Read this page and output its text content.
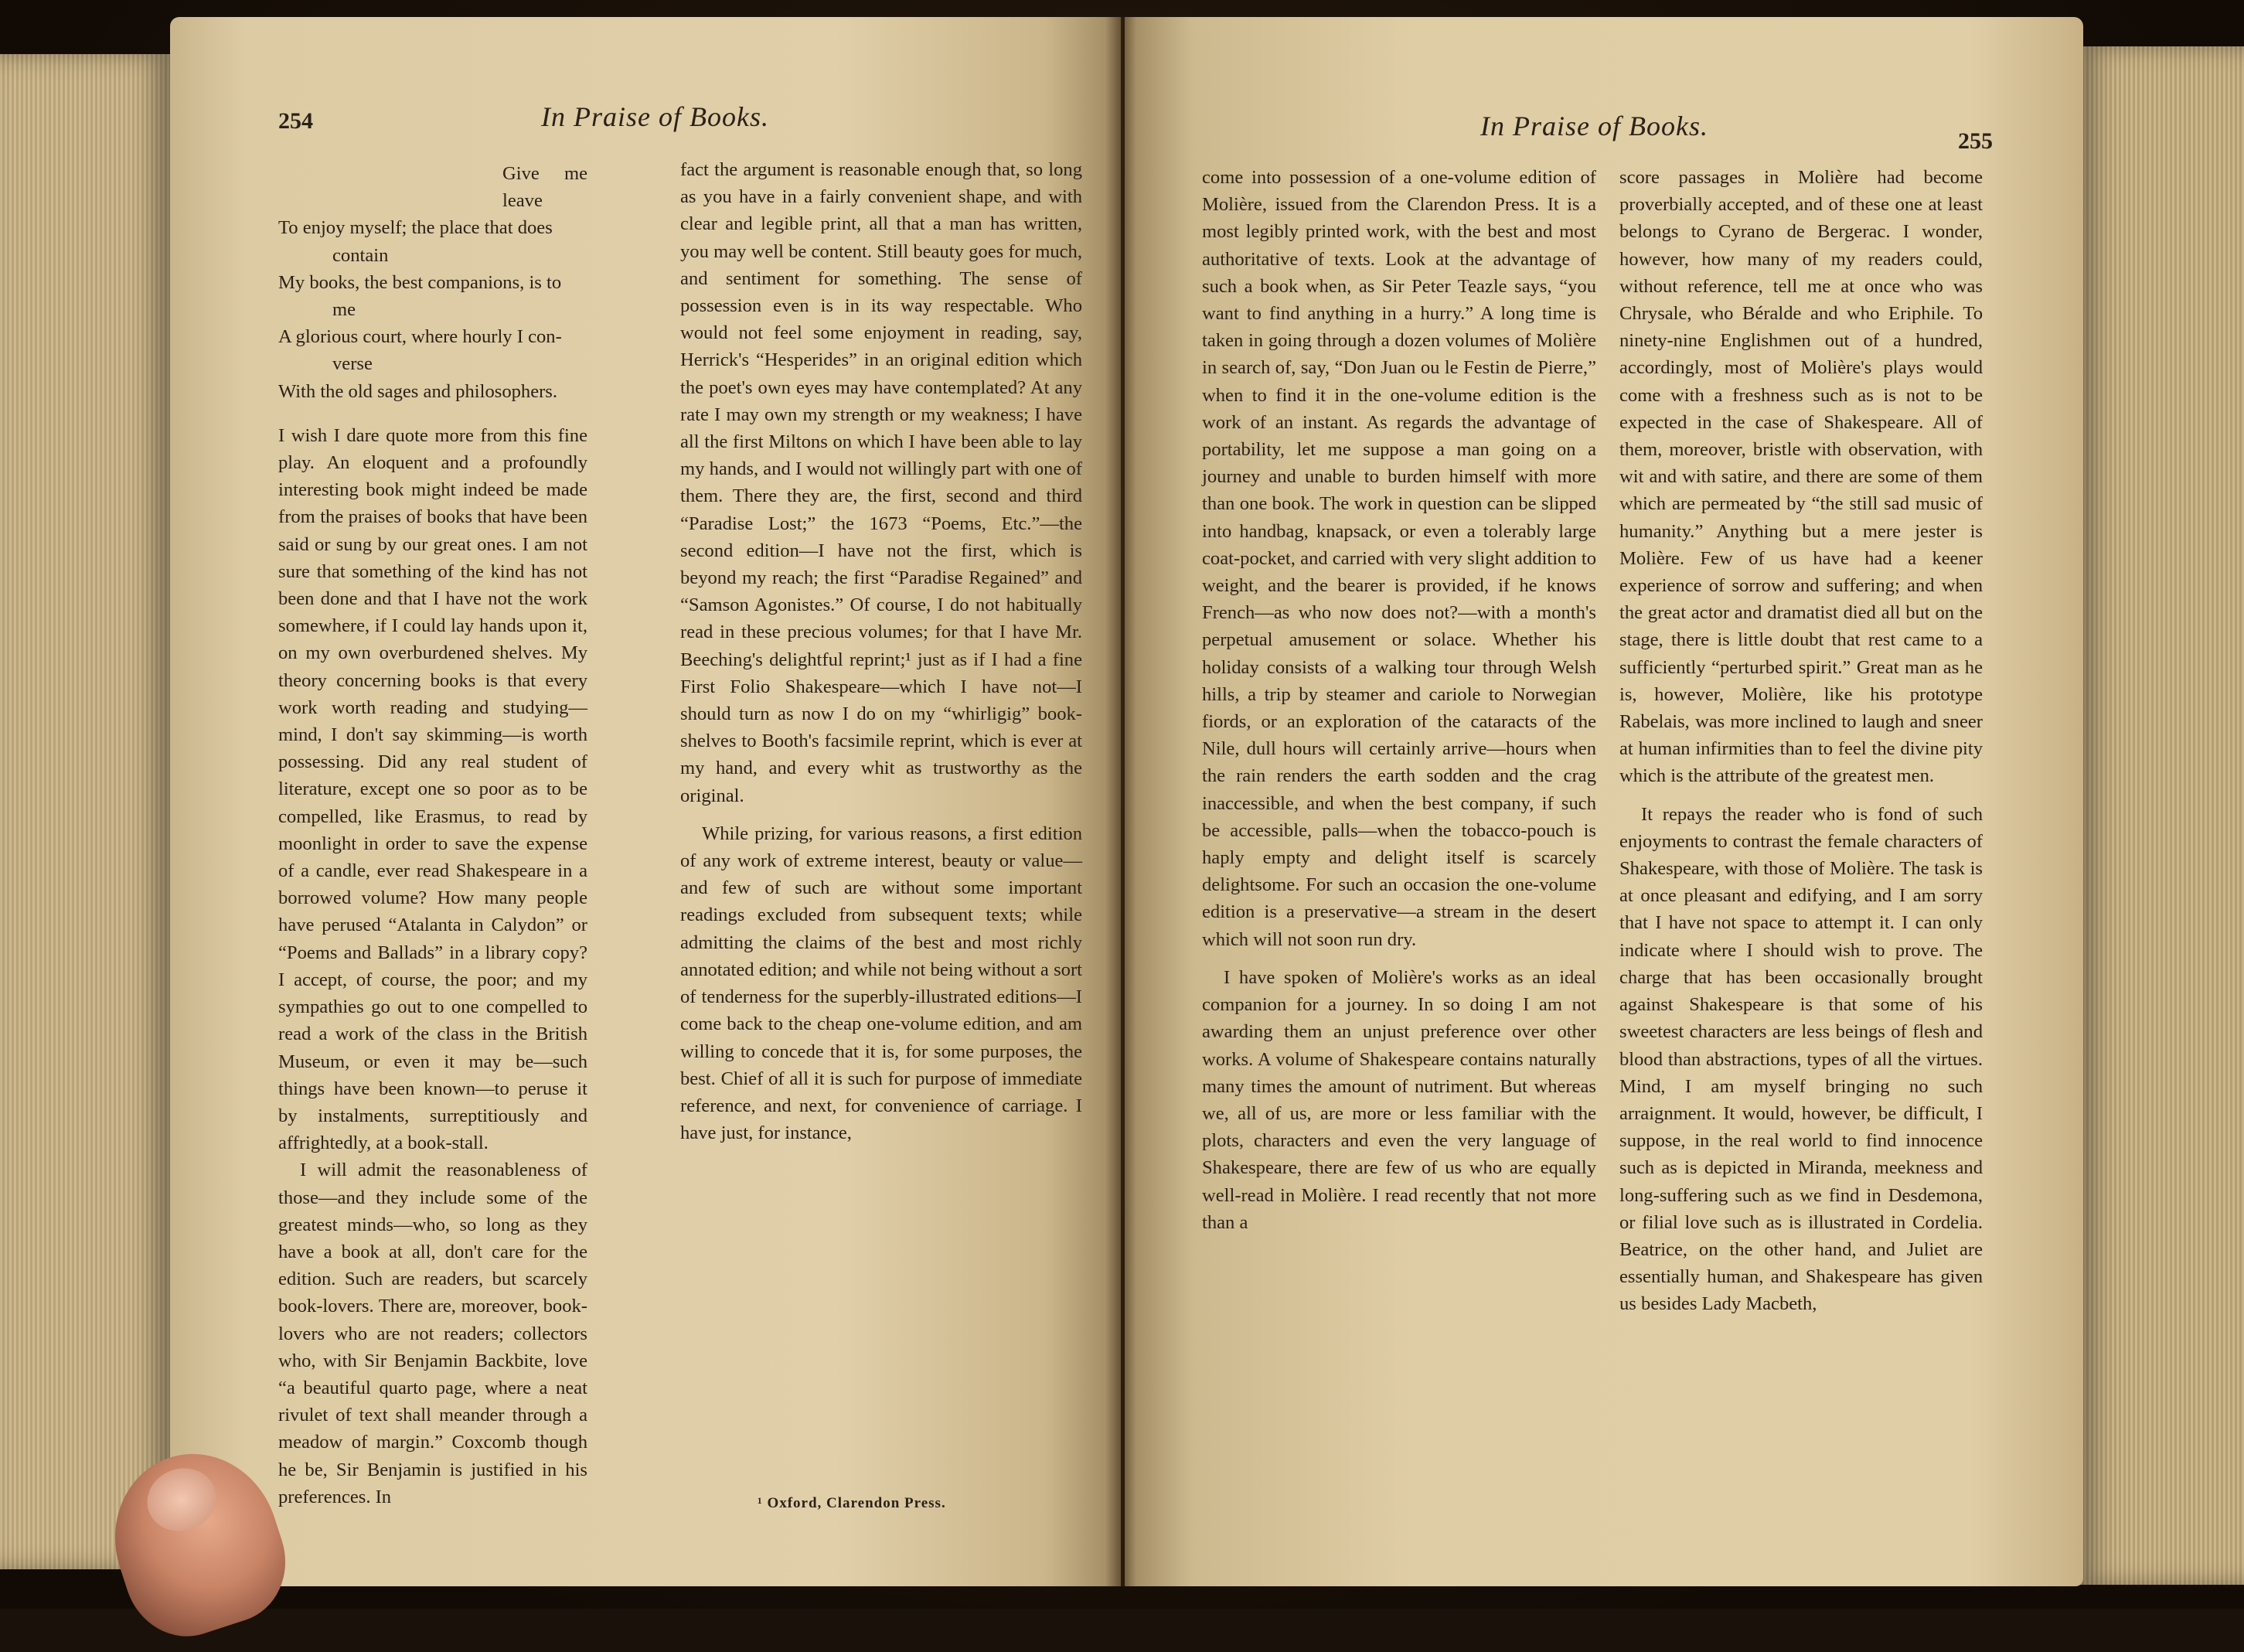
254	In Praise of Books.
Give me leave
To enjoy myself; the place that does
contain
My books, the best companions, is to
me
A glorious court, where hourly I con-
verse
With the old sages and philosophers.

I wish I dare quote more from this fine play. An eloquent and a profoundly interesting book might indeed be made from the praises of books that have been said or sung by our great ones. I am not sure that something of the kind has not been done and that I have not the work somewhere, if I could lay hands upon it, on my own overburdened shelves. My theory concerning books is that every work worth reading and studying—mind, I don't say skimming—is worth possessing. Did any real student of literature, except one so poor as to be compelled, like Erasmus, to read by moonlight in order to save the expense of a candle, ever read Shakespeare in a borrowed volume? How many people have perused “Atalanta in Calydon” or “Poems and Ballads” in a library copy? I accept, of course, the poor; and my sympathies go out to one compelled to read a work of the class in the British Museum, or even it may be—such things have been known—to peruse it by instalments, surreptitiously and affrightedly, at a book-stall.

I will admit the reasonableness of those—and they include some of the greatest minds—who, so long as they have a book at all, don't care for the edition. Such are readers, but scarcely book-lovers. There are, moreover, book-lovers who are not readers; collectors who, with Sir Benjamin Backbite, love “a beautiful quarto page, where a neat rivulet of text shall meander through a meadow of margin.” Coxcomb though he be, Sir Benjamin is justified in his preferences. In

fact the argument is reasonable enough that, so long as you have in a fairly convenient shape, and with clear and legible print, all that a man has written, you may well be content. Still beauty goes for much, and sentiment for something. The sense of possession even is in its way respectable. Who would not feel some enjoyment in reading, say, Herrick's “Hesperides” in an original edition which the poet's own eyes may have contemplated? At any rate I may own my strength or my weakness; I have all the first Miltons on which I have been able to lay my hands, and I would not willingly part with one of them. There they are, the first, second and third “Paradise Lost;” the 1673 “Poems, Etc.”—the second edition—I have not the first, which is beyond my reach; the first “Paradise Regained” and “Samson Agonistes.” Of course, I do not habitually read in these precious volumes; for that I have Mr. Beeching's delightful reprint;¹ just as if I had a fine First Folio Shakespeare—which I have not—I should turn as now I do on my “whirligig” book-shelves to Booth's facsimile reprint, which is ever at my hand, and every whit as trustworthy as the original.

While prizing, for various reasons, a first edition of any work of extreme interest, beauty or value—and few of such are without some important readings excluded from subsequent texts; while admitting the claims of the best and most richly annotated edition; and while not being without a sort of tenderness for the superbly-illustrated editions—I come back to the cheap one-volume edition, and am willing to concede that it is, for some purposes, the best. Chief of all it is such for purpose of immediate reference, and next, for convenience of carriage. I have just, for instance,

¹ Oxford, Clarendon Press.
In Praise of Books.	255

come into possession of a one-volume edition of Molière, issued from the Clarendon Press. It is a most legibly printed work, with the best and most authoritative of texts. Look at the advantage of such a book when, as Sir Peter Teazle says, “you want to find anything in a hurry.” A long time is taken in going through a dozen volumes of Molière in search of, say, “Don Juan ou le Festin de Pierre,” when to find it in the one-volume edition is the work of an instant. As regards the advantage of portability, let me suppose a man going on a journey and unable to burden himself with more than one book. The work in question can be slipped into handbag, knapsack, or even a tolerably large coat-pocket, and carried with very slight addition to weight, and the bearer is provided, if he knows French—as who now does not?—with a month's perpetual amusement or solace. Whether his holiday consists of a walking tour through Welsh hills, a trip by steamer and cariole to Norwegian fiords, or an exploration of the cataracts of the Nile, dull hours will certainly arrive—hours when the rain renders the earth sodden and the crag inaccessible, and when the best company, if such be accessible, palls—when the tobacco-pouch is haply empty and delight itself is scarcely delightsome. For such an occasion the one-volume edition is a preservative—a stream in the desert which will not soon run dry.

I have spoken of Molière's works as an ideal companion for a journey. In so doing I am not awarding them an unjust preference over other works. A volume of Shakespeare contains naturally many times the amount of nutriment. But whereas we, all of us, are more or less familiar with the plots, characters and even the very language of Shakespeare, there are few of us who are equally well-read in Molière. I read recently that not more than a

score passages in Molière had become proverbially accepted, and of these one at least belongs to Cyrano de Bergerac. I wonder, however, how many of my readers could, without reference, tell me at once who was Chrysale, who Béralde and who Eriphile. To ninety-nine Englishmen out of a hundred, accordingly, most of Molière's plays would come with a freshness such as is not to be expected in the case of Shakespeare. All of them, moreover, bristle with observation, with wit and with satire, and there are some of them which are permeated by “the still sad music of humanity.” Anything but a mere jester is Molière. Few of us have had a keener experience of sorrow and suffering; and when the great actor and dramatist died all but on the stage, there is little doubt that rest came to a sufficiently “perturbed spirit.” Great man as he is, however, Molière, like his prototype Rabelais, was more inclined to laugh and sneer at human infirmities than to feel the divine pity which is the attribute of the greatest men.

It repays the reader who is fond of such enjoyments to contrast the female characters of Shakespeare, with those of Molière. The task is at once pleasant and edifying, and I am sorry that I have not space to attempt it. I can only indicate where I should wish to prove. The charge that has been occasionally brought against Shakespeare is that some of his sweetest characters are less beings of flesh and blood than abstractions, types of all the virtues. Mind, I am myself bringing no such arraignment. It would, however, be difficult, I suppose, in the real world to find innocence such as is depicted in Miranda, meekness and long-suffering such as we find in Desdemona, or filial love such as is illustrated in Cordelia. Beatrice, on the other hand, and Juliet are essentially human, and Shakespeare has given us besides Lady Macbeth,
